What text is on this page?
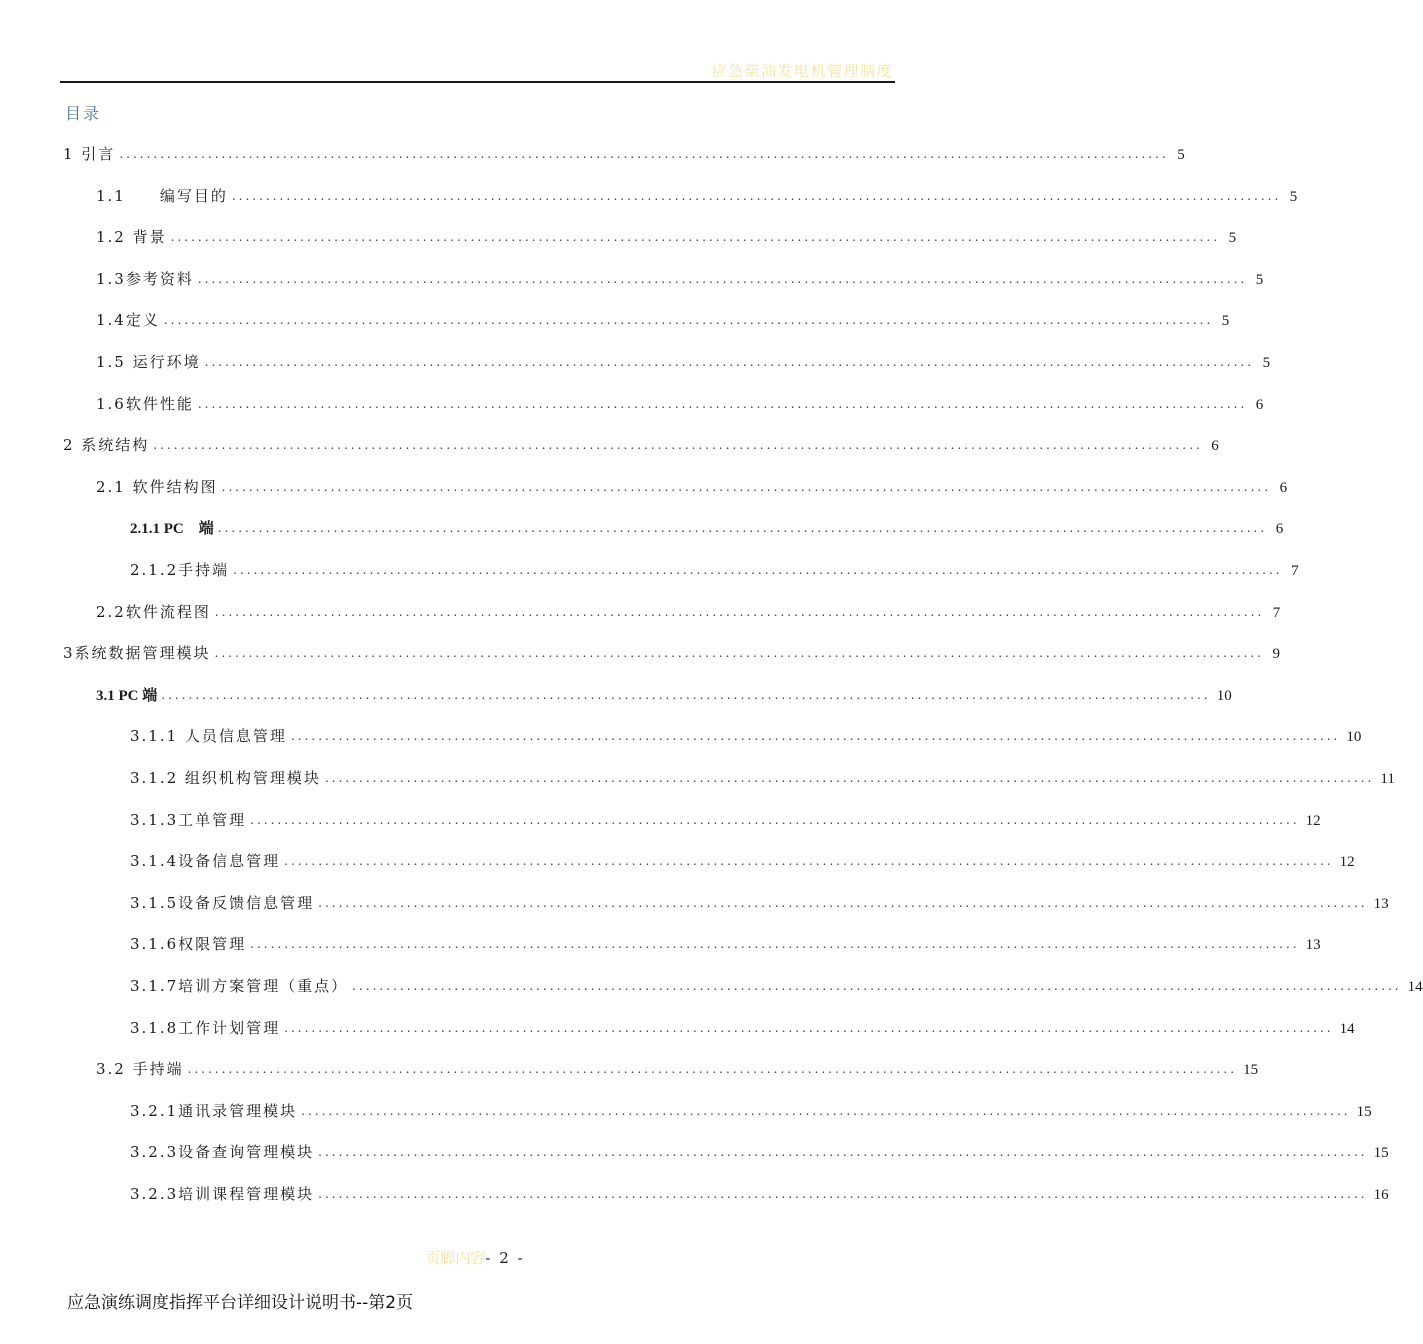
应急柴油发电机管理制度
目录
1 引言 .......................................................................................................................................................... 5
1.1　　编写目的 .......................................................................................................................................................... 5
1.2 背景 .......................................................................................................................................................... 5
1.3参考资料 .......................................................................................................................................................... 5
1.4定义 .......................................................................................................................................................... 5
1.5 运行环境 .......................................................................................................................................................... 5
1.6软件性能 .......................................................................................................................................................... 6
2 系统结构 .......................................................................................................................................................... 6
2.1 软件结构图 .......................................................................................................................................................... 6
2.1.1 PC　端 .......................................................................................................................................................... 6
2.1.2手持端 .......................................................................................................................................................... 7
2.2软件流程图 .......................................................................................................................................................... 7
3系统数据管理模块 .......................................................................................................................................................... 9
3.1 PC 端 .......................................................................................................................................................... 10
3.1.1 人员信息管理 .......................................................................................................................................................... 10
3.1.2 组织机构管理模块 .......................................................................................................................................................... 11
3.1.3工单管理 .......................................................................................................................................................... 12
3.1.4设备信息管理 .......................................................................................................................................................... 12
3.1.5设备反馈信息管理 .......................................................................................................................................................... 13
3.1.6权限管理 .......................................................................................................................................................... 13
3.1.7培训方案管理（重点） .......................................................................................................................................................... 14
3.1.8工作计划管理 .......................................................................................................................................................... 14
3.2 手持端 .......................................................................................................................................................... 15
3.2.1通讯录管理模块 .......................................................................................................................................................... 15
3.2.3设备查询管理模块 .......................................................................................................................................................... 15
3.2.3培训课程管理模块 .......................................................................................................................................................... 16
页脚内容- 2 -
应急演练调度指挥平台详细设计说明书--第2页
